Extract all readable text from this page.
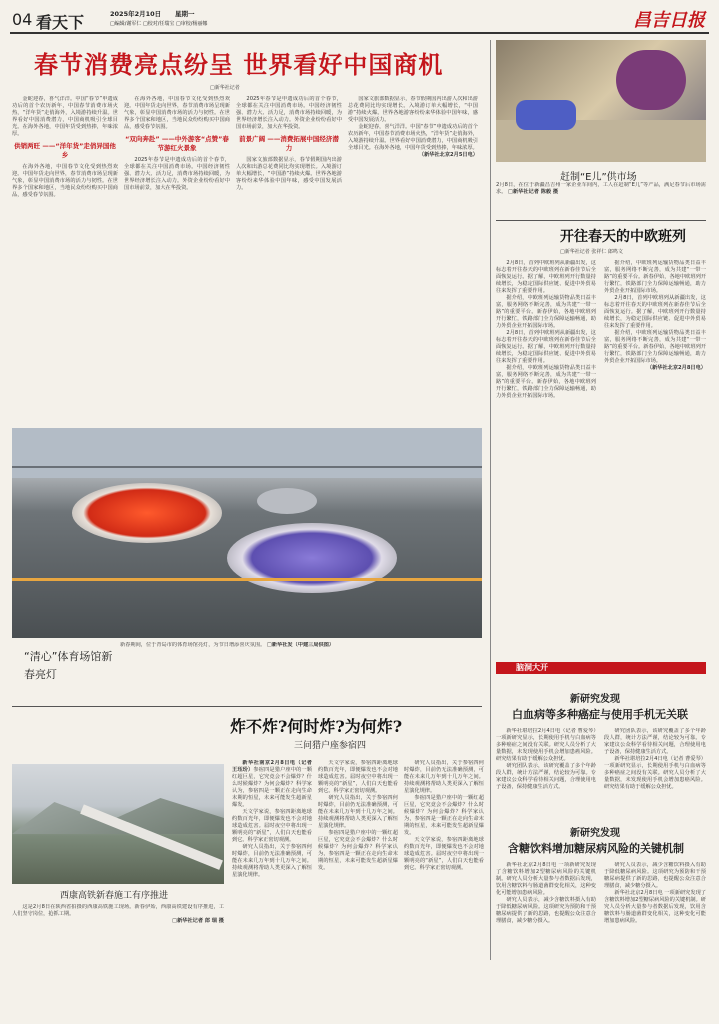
04 看天下	2025年2月10日 星期一
□编辑/谢军仁 □校对/任瑞宝 □审校/杨丽娜	昌吉日报
春节消费亮点纷呈 世界看好中国商机
□新华社记者

金蛇迎春，喜气洋洋。中国“春节”申遗成功后的首个农历新年，中国春节消费市场火热，“洋年货”走俏海外，入境游持续升温。世界看好中国消费潜力，中国商机吸引全球目光。在海外各地，中国年货受到热捧，年味浓厚。

供销两旺 ——“洋年货”走俏异国他乡

在海外各地，中国春节文化受到热烈欢迎。中国年货走向世界，春节消费市场呈现新气象，彰显中国消费市场的活力与韧性。在世界多个国家和地区，当地民众纷纷购买中国商品，感受春节氛围。

在海外各地，中国春节文化受到热烈欢迎。中国年货走向世界，春节消费市场呈现新气象，彰显中国消费市场的活力与韧性。在世界多个国家和地区，当地民众纷纷购买中国商品，感受春节氛围。

“双向奔赴” ——中外游客“点赞”春节游红火景象

2025年春节是申遗成功后的首个春节，全球都在关注中国消费市场。中国经济韧性强、潜力大、活力足，消费市场持续回暖，为世界经济增长注入动力。外资企业纷纷看好中国市场前景，加大在华投资。

2025年春节是申遗成功后的首个春节，全球都在关注中国消费市场。中国经济韧性强、潜力大、活力足，消费市场持续回暖，为世界经济增长注入动力。外资企业纷纷看好中国市场前景，加大在华投资。

前景广阔 ——消费拓展中国经济潜力

国家文旅部数据显示，春节假期国内出游人次和出游总花费同比均实现增长。入境游订单大幅增长，“中国游”持续火爆。世界各地游客纷纷来华体验中国年味，感受中国发展活力。

国家文旅部数据显示，春节假期国内出游人次和出游总花费同比均实现增长。入境游订单大幅增长，“中国游”持续火爆。世界各地游客纷纷来华体验中国年味，感受中国发展活力。

金蛇迎春，喜气洋洋。中国“春节”申遗成功后的首个农历新年，中国春节消费市场火热，“洋年货”走俏海外，入境游持续升温。世界看好中国消费潜力，中国商机吸引全球目光。在海外各地，中国年货受到热捧，年味浓厚。

（新华社北京2月5日电）

赶制“E儿”供市场
2月8日，在位于新疆昌吉州一家企业车间内，工人在赶制“E儿”等产品，满足春节后市场需求。 □新华社记者 陈毅 摄
开往春天的中欧班列
□新华社记者 张祥仁 郎鸣文

2月8日，首列中欧班列从新疆出发，这标志着开往春天的中欧班列在新春佳节后全面恢复运行。据了解，中欧班列开行数量持续增长，为稳定国际供应链、促进中外贸易往来发挥了重要作用。

据介绍，中欧班列运输货物品类日益丰富，服务网络不断完善，成为共建“一带一路”的重要平台。新春伊始，各地中欧班列开行繁忙，铁路部门全力保障运输畅通，助力外贸企业开拓国际市场。

2月8日，首列中欧班列从新疆出发，这标志着开往春天的中欧班列在新春佳节后全面恢复运行。据了解，中欧班列开行数量持续增长，为稳定国际供应链、促进中外贸易往来发挥了重要作用。

据介绍，中欧班列运输货物品类日益丰富，服务网络不断完善，成为共建“一带一路”的重要平台。新春伊始，各地中欧班列开行繁忙，铁路部门全力保障运输畅通，助力外贸企业开拓国际市场。

据介绍，中欧班列运输货物品类日益丰富，服务网络不断完善，成为共建“一带一路”的重要平台。新春伊始，各地中欧班列开行繁忙，铁路部门全力保障运输畅通，助力外贸企业开拓国际市场。

2月8日，首列中欧班列从新疆出发，这标志着开往春天的中欧班列在新春佳节后全面恢复运行。据了解，中欧班列开行数量持续增长，为稳定国际供应链、促进中外贸易往来发挥了重要作用。

据介绍，中欧班列运输货物品类日益丰富，服务网络不断完善，成为共建“一带一路”的重要平台。新春伊始，各地中欧班列开行繁忙，铁路部门全力保障运输畅通，助力外贸企业开拓国际市场。

（新华社北京2月8日电）

“清心”体育场馆新春亮灯
新春期间，位于青岛市的体育场馆亮灯，为节日增添喜庆氛围。 □新华社发（中建三局供图）
炸不炸?何时炸?为何炸?
三问猎户座参宿四
西康高铁新春施工有序推进

这是2月8日在陕西省拍摄的西康高铁施工现场。新春伊始，西康高铁建设有序推进，工人们坚守岗位，抢抓工期。

□新华社记者 郎 瑞 摄

新华社南京2月8日电（记者 王珏玢）参宿四是猎户座中的一颗红超巨星，它究竟会不会爆炸？什么时候爆炸？为何会爆炸？科学家认为，参宿四是一颗正在走向生命末期的恒星，未来可能发生超新星爆发。

天文学家说，参宿四距离地球约数百光年，即便爆发也不会对地球造成危害。届时夜空中将出现一颗明亮的“新星”，人们白天也能看到它。科学家正密切观测。

研究人员指出，关于参宿四何时爆炸，目前仍无法准确预测，可能在未来几万年到十几万年之间。持续观测将帮助人类更深入了解恒星演化规律。

天文学家说，参宿四距离地球约数百光年，即便爆发也不会对地球造成危害。届时夜空中将出现一颗明亮的“新星”，人们白天也能看到它。科学家正密切观测。

研究人员指出，关于参宿四何时爆炸，目前仍无法准确预测，可能在未来几万年到十几万年之间。持续观测将帮助人类更深入了解恒星演化规律。

参宿四是猎户座中的一颗红超巨星，它究竟会不会爆炸？什么时候爆炸？为何会爆炸？科学家认为，参宿四是一颗正在走向生命末期的恒星，未来可能发生超新星爆发。

研究人员指出，关于参宿四何时爆炸，目前仍无法准确预测，可能在未来几万年到十几万年之间。持续观测将帮助人类更深入了解恒星演化规律。

参宿四是猎户座中的一颗红超巨星，它究竟会不会爆炸？什么时候爆炸？为何会爆炸？科学家认为，参宿四是一颗正在走向生命末期的恒星，未来可能发生超新星爆发。

天文学家说，参宿四距离地球约数百光年，即便爆发也不会对地球造成危害。届时夜空中将出现一颗明亮的“新星”，人们白天也能看到它。科学家正密切观测。

脑洞大开
新研究发现
白血病等多种癌症与使用手机无关联

新华社堪培拉2月4日电（记者 曹爱琴）一项新研究显示，长期使用手机与白血病等多种癌症之间没有关联。研究人员分析了大量数据，未发现使用手机会增加患癌风险。研究结果有助于缓解公众担忧。

研究团队表示，该研究覆盖了多个年龄段人群，统计方法严谨，结论较为可靠。专家建议公众科学看待相关问题，合理使用电子设备，保持健康生活方式。

研究团队表示，该研究覆盖了多个年龄段人群，统计方法严谨，结论较为可靠。专家建议公众科学看待相关问题，合理使用电子设备，保持健康生活方式。

新华社堪培拉2月4日电（记者 曹爱琴）一项新研究显示，长期使用手机与白血病等多种癌症之间没有关联。研究人员分析了大量数据，未发现使用手机会增加患癌风险。研究结果有助于缓解公众担忧。

新研究发现
含糖饮料增加糖尿病风险的关键机制

新华社北京2月8日电 一项新研究发现了含糖饮料增加2型糖尿病风险的关键机制。研究人员分析大量参与者数据后发现，饮用含糖饮料与肠道菌群变化相关，这种变化可能增加患病风险。

研究人员表示，减少含糖饮料摄入有助于降低糖尿病风险。这项研究为预防和干预糖尿病提供了新的思路，也提醒公众注意合理膳食，减少糖分摄入。

研究人员表示，减少含糖饮料摄入有助于降低糖尿病风险。这项研究为预防和干预糖尿病提供了新的思路，也提醒公众注意合理膳食，减少糖分摄入。

新华社北京2月8日电 一项新研究发现了含糖饮料增加2型糖尿病风险的关键机制。研究人员分析大量参与者数据后发现，饮用含糖饮料与肠道菌群变化相关，这种变化可能增加患病风险。
